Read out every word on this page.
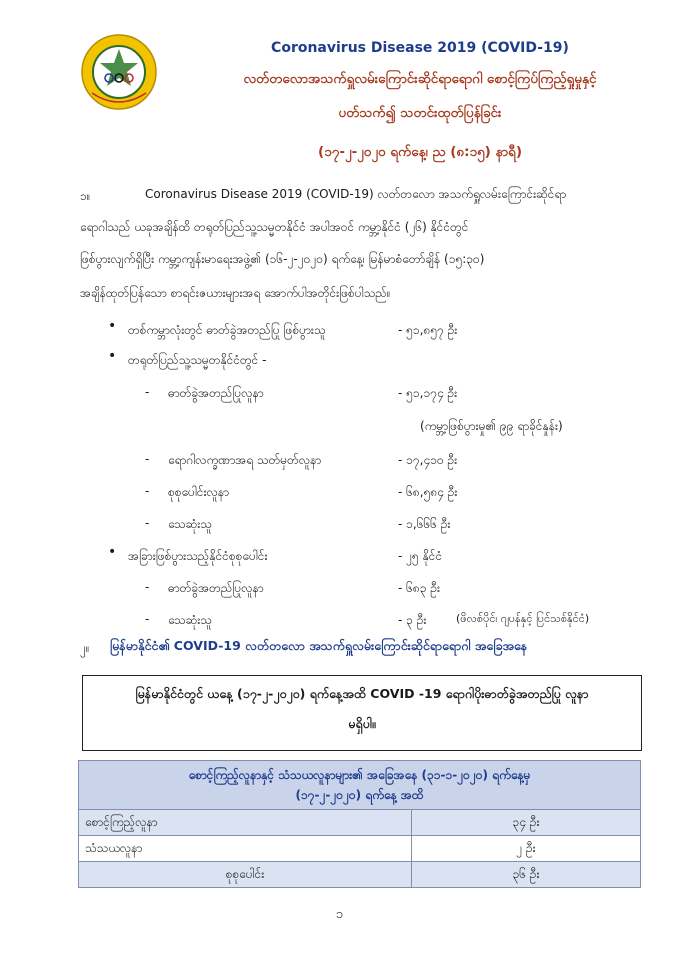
Coronavirus Disease 2019 (COVID-19)
လတ်တလောအသက်ရှူလမ်းကြောင်းဆိုင်ရာရောဂါ စောင့်ကြပ်ကြည့်ရှုမှုနှင့်
ပတ်သက်၍ သတင်းထုတ်ပြန်ခြင်း
(၁၇-၂-၂၀၂၀ ရက်နေ့၊ ည (၈:၁၅) နာရီ)
၁။	Coronavirus Disease 2019 (COVID-19) လတ်တလော အသက်ရှူလမ်းကြောင်းဆိုင်ရာ
ရောဂါသည် ယခုအချိန်ထိ တရုတ်ပြည်သူ့သမ္မတနိုင်ငံ အပါအဝင် ကမ္ဘာ့နိုင်ငံ (၂၆) နိုင်ငံတွင်
ဖြစ်ပွားလျက်ရှိပြီး ကမ္ဘာ့ကျန်းမာရေးအဖွဲ့၏ (၁၆-၂-၂၀၂၀) ရက်နေ့၊ မြန်မာစံတော်ချိန် (၁၅:၃၀)
အချိန်ထုတ်ပြန်သော စာရင်းဇယားများအရ အောက်ပါအတိုင်းဖြစ်ပါသည်။
• တစ်ကမ္ဘာလုံးတွင် ဓာတ်ခွဲအတည်ပြု ဖြစ်ပွားသူ	- ၅၁,၈၅၇ ဦး
• တရုတ်ပြည်သူ့သမ္မတနိုင်ငံတွင် -
- ဓာတ်ခွဲအတည်ပြုလူနာ	- ၅၁,၁၇၄ ဦး
(ကမ္ဘာ့ဖြစ်ပွားမှု၏ ၉၉ ရာခိုင်နှုန်း)
- ရောဂါလက္ခဏာအရ သတ်မှတ်လူနာ	- ၁၇,၄၁၀ ဦး
- စုစုပေါင်းလူနာ	- ၆၈,၅၈၄ ဦး
- သေဆုံးသူ	- ၁,၆၆၆ ဦး
• အခြားဖြစ်ပွားသည့်နိုင်ငံစုစုပေါင်း	- ၂၅ နိုင်ငံ
- ဓာတ်ခွဲအတည်ပြုလူနာ	- ၆၈၃ ဦး
- သေဆုံးသူ	- ၃ ဦး	(ဖိလစ်ပိုင်၊ ဂျပန်နှင့် ပြင်သစ်နိုင်ငံ)
၂။ မြန်မာနိုင်ငံ၏ COVID-19 လတ်တလော အသက်ရှူလမ်းကြောင်းဆိုင်ရာရောဂါ အခြေအနေ
မြန်မာနိုင်ငံတွင် ယနေ့ (၁၇-၂-၂၀၂၀) ရက်နေ့အထိ COVID -19 ရောဂါပိုးဓာတ်ခွဲအတည်ပြု လူနာ
မရှိပါ။
စောင့်ကြည့်လူနာနှင့် သံသယလူနာများ၏ အခြေအနေ (၃၁-၁-၂၀၂၀) ရက်နေ့မှ
(၁၇-၂-၂၀၂၀) ရက်နေ့ အထိ	

စောင့်ကြည့်လူနာ	၃၄ ဦး
သံသယလူနာ	၂ ဦး
စုစုပေါင်း	၃၆ ဦး
၁
